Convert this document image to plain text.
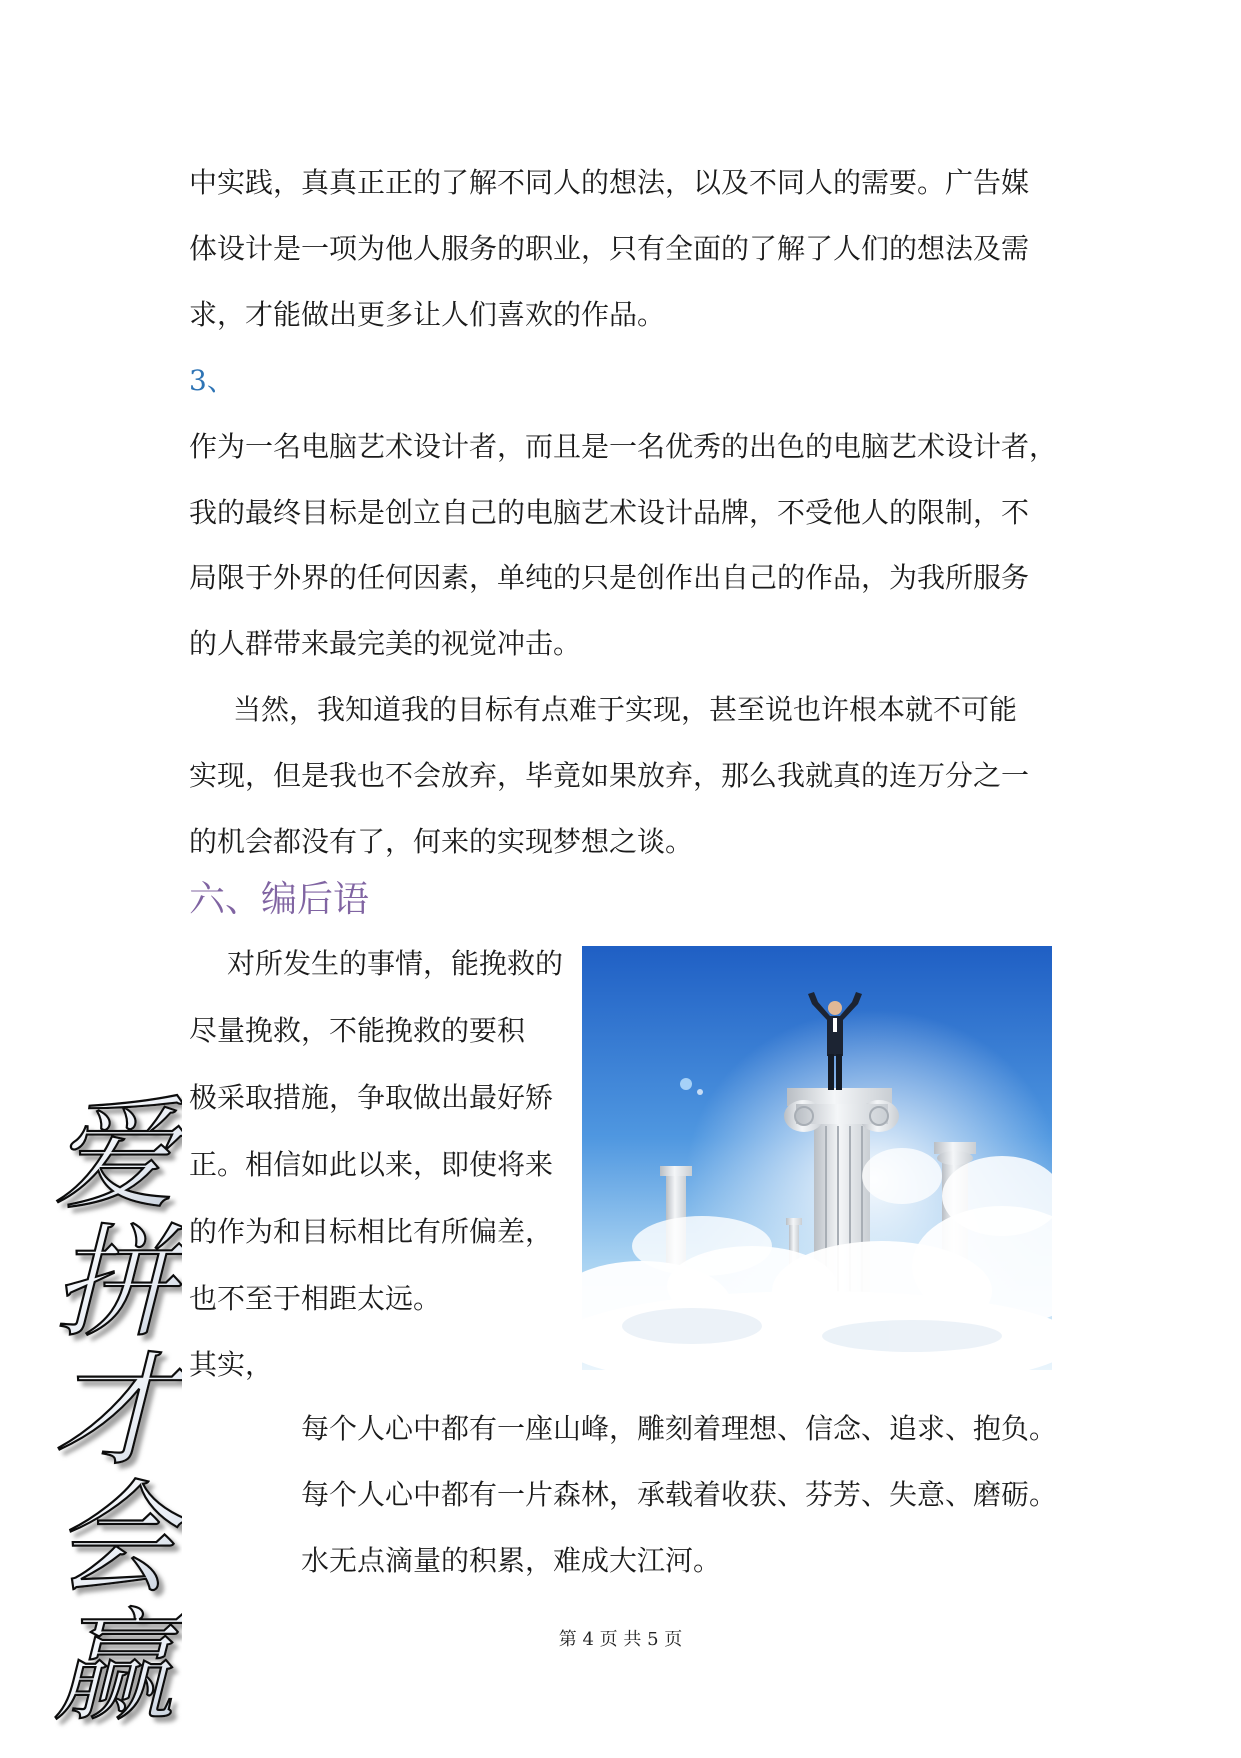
中实践，真真正正的了解不同人的想法，以及不同人的需要。广告媒

体设计是一项为他人服务的职业，只有全面的了解了人们的想法及需

求，才能做出更多让人们喜欢的作品。

3、

作为一名电脑艺术设计者，而且是一名优秀的出色的电脑艺术设计者，

我的最终目标是创立自己的电脑艺术设计品牌，不受他人的限制，不

局限于外界的任何因素，单纯的只是创作出自己的作品，为我所服务

的人群带来最完美的视觉冲击。

当然，我知道我的目标有点难于实现，甚至说也许根本就不可能

实现，但是我也不会放弃，毕竟如果放弃，那么我就真的连万分之一

的机会都没有了，何来的实现梦想之谈。

六、编后语

对所发生的事情，能挽救的

尽量挽救，不能挽救的要积

极采取措施，争取做出最好矫

正。相信如此以来，即使将来

的作为和目标相比有所偏差，

也不至于相距太远。

其实，

每个人心中都有一座山峰，雕刻着理想、信念、追求、抱负。

每个人心中都有一片森林，承载着收获、芬芳、失意、磨砺。

水无点滴量的积累，难成大江河。

昵图网 www.nipic.com	BY:	NO:20080808
爱
拼
才
会
赢	第 4 页 共 5 页
